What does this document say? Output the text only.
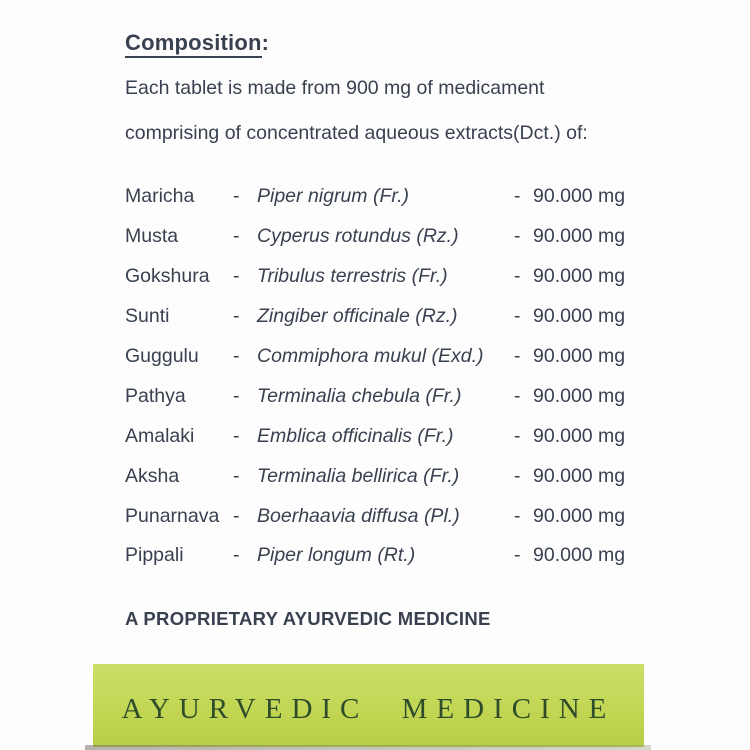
Composition:
Each tablet is made from 900 mg of medicament
comprising of concentrated aqueous extracts(Dct.) of:
Maricha	- Piper nigrum (Fr.)	- 90.000 mg
Musta	- Cyperus rotundus (Rz.)	- 90.000 mg
Gokshura	- Tribulus terrestris (Fr.)	- 90.000 mg
Sunti	- Zingiber officinale (Rz.)	- 90.000 mg
Guggulu	- Commiphora mukul (Exd.)	- 90.000 mg
Pathya	- Terminalia chebula (Fr.)	- 90.000 mg
Amalaki	- Emblica officinalis (Fr.)	- 90.000 mg
Aksha	- Terminalia bellirica (Fr.)	- 90.000 mg
Punarnava - Boerhaavia diffusa (Pl.)	- 90.000 mg
Pippali	- Piper longum (Rt.)	- 90.000 mg
A PROPRIETARY AYURVEDIC MEDICINE
AYURVEDIC MEDICINE
